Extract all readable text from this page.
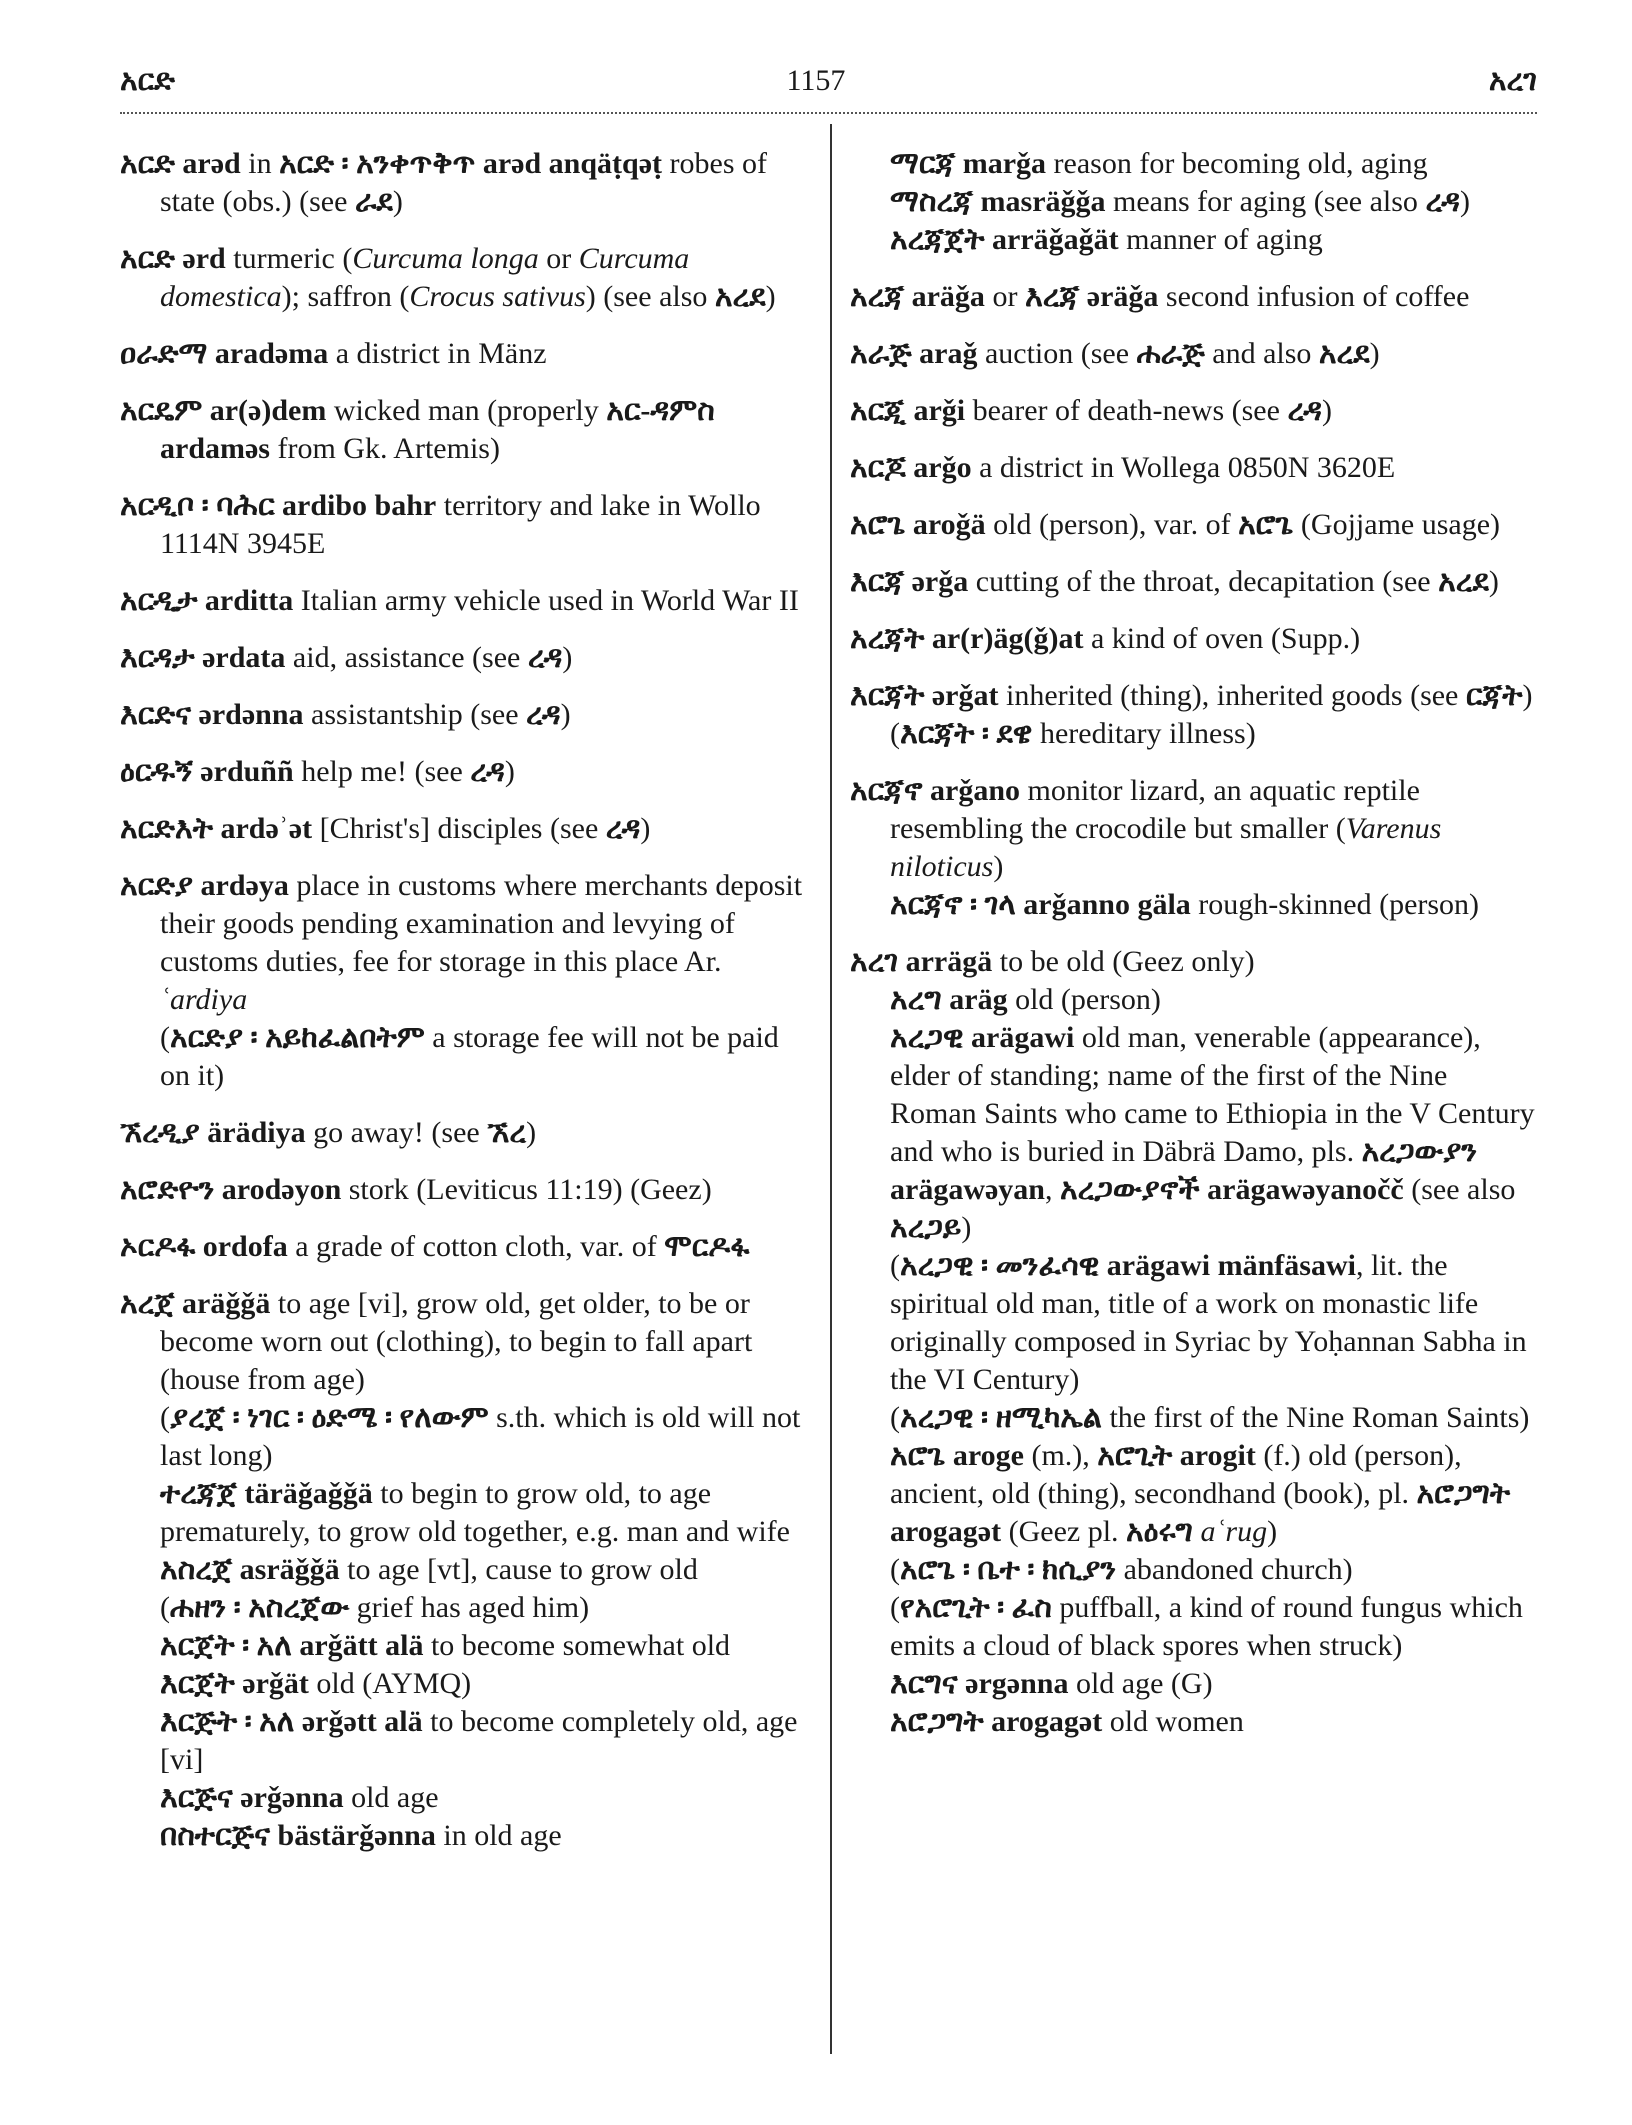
አርድ	1157	አረገ
አርድ arəd in አርድ ፡ አንቀጥቅጥ arəd anqäṭqəṭ robes of state (obs.) (see ራደ)
አርድ ərd turmeric (Curcuma longa or Curcuma domestica); saffron (Crocus sativus) (see also አረደ)
ዐራድማ aradəma a district in Mänz
አርዴም ar(ə)dem wicked man (properly አር-ዳምስ ardaməs from Gk. Artemis)
አርዲቦ ፡ ባሕር ardibo bahr territory and lake in Wollo 1114N 3945E
አርዲታ arditta Italian army vehicle used in World War II
እርዳታ ərdata aid, assistance (see ረዳ)
እርድና ərdənna assistantship (see ረዳ)
ዕርዱኝ ərduññ help me! (see ረዳ)
አርድእት ardəʾət [Christ's] disciples (see ረዳ)
አርድያ ardəya place in customs where merchants deposit their goods pending examination and levying of customs duties, fee for storage in this place Ar. ʿardiya
(አርድያ ፡ አይከፈልበትም a storage fee will not be paid on it)
ኧረዲያ ärädiya go away! (see ኧረ)
አሮድዮን arodəyon stork (Leviticus 11:19) (Geez)
ኦርዶፋ ordofa a grade of cotton cloth, var. of ሞርዶፋ
አረጀ aräǧǧä to age [vi], grow old, get older, to be or become worn out (clothing), to begin to fall apart (house from age)
(ያረጀ ፡ ነገር ፡ ዕድሜ ፡ የለውም s.th. which is old will not last long)
ተረጃጀ täräǧaǧǧä to begin to grow old, to age prematurely, to grow old together, e.g. man and wife
አስረጀ asräǧǧä to age [vt], cause to grow old
(ሐዘን ፡ አስረጀው grief has aged him)
አርጀት ፡ አለ arǧätt alä to become somewhat old
እርጀት ərǧät old (AYMQ)
እርጅት ፡ አለ ərǧətt alä to become completely old, age [vi]
እርጅና ərǧənna old age
በስተርጅና bästärǧənna in old age
ማርጃ marǧa reason for becoming old, aging
ማስረጃ masräǧǧa means for aging (see also ረዳ)
አረጃጀት arräǧaǧät manner of aging
አረጃ aräǧa or እረጃ əräǧa second infusion of coffee
አራጅ araǧ auction (see ሐራጅ and also አረደ)
አርጂ arǧi bearer of death-news (see ረዳ)
አርጆ arǧo a district in Wollega 0850N 3620E
አሮጌ aroǧä old (person), var. of አሮጌ (Gojjame usage)
እርጃ ərǧa cutting of the throat, decapitation (see አረደ)
አረጃት ar(r)äg(ǧ)at a kind of oven (Supp.)
እርጃት ərǧat inherited (thing), inherited goods (see ርጃት)
(እርጃት ፡ ደዌ hereditary illness)
አርጃኖ arǧano monitor lizard, an aquatic reptile resembling the crocodile but smaller (Varenus niloticus)
አርጃኖ ፡ ገላ arǧanno gäla rough-skinned (person)
አረገ arrägä to be old (Geez only)
አረግ aräg old (person)
አረጋዊ arägawi old man, venerable (appearance), elder of standing; name of the first of the Nine Roman Saints who came to Ethiopia in the V Century and who is buried in Däbrä Damo, pls. አረጋውያን arägawəyan, አረጋውያኖች arägawəyanočč (see also አረጋይ)
(አረጋዊ ፡ መንፈሳዊ arägawi mänfäsawi, lit. the spiritual old man, title of a work on monastic life originally composed in Syriac by Yoḥannan Sabha in the VI Century)
(አረጋዊ ፡ ዘሚካኤል the first of the Nine Roman Saints)
አሮጌ aroge (m.), አሮጊት arogit (f.) old (person), ancient, old (thing), secondhand (book), pl. አሮጋግት arogagət (Geez pl. አዕሩግ aʿrug)
(አሮጌ ፡ ቤተ ፡ ክሲያን abandoned church)
(የአሮጊት ፡ ፈስ puffball, a kind of round fungus which emits a cloud of black spores when struck)
እርግና ərgənna old age (G)
አሮጋግት arogagət old women
